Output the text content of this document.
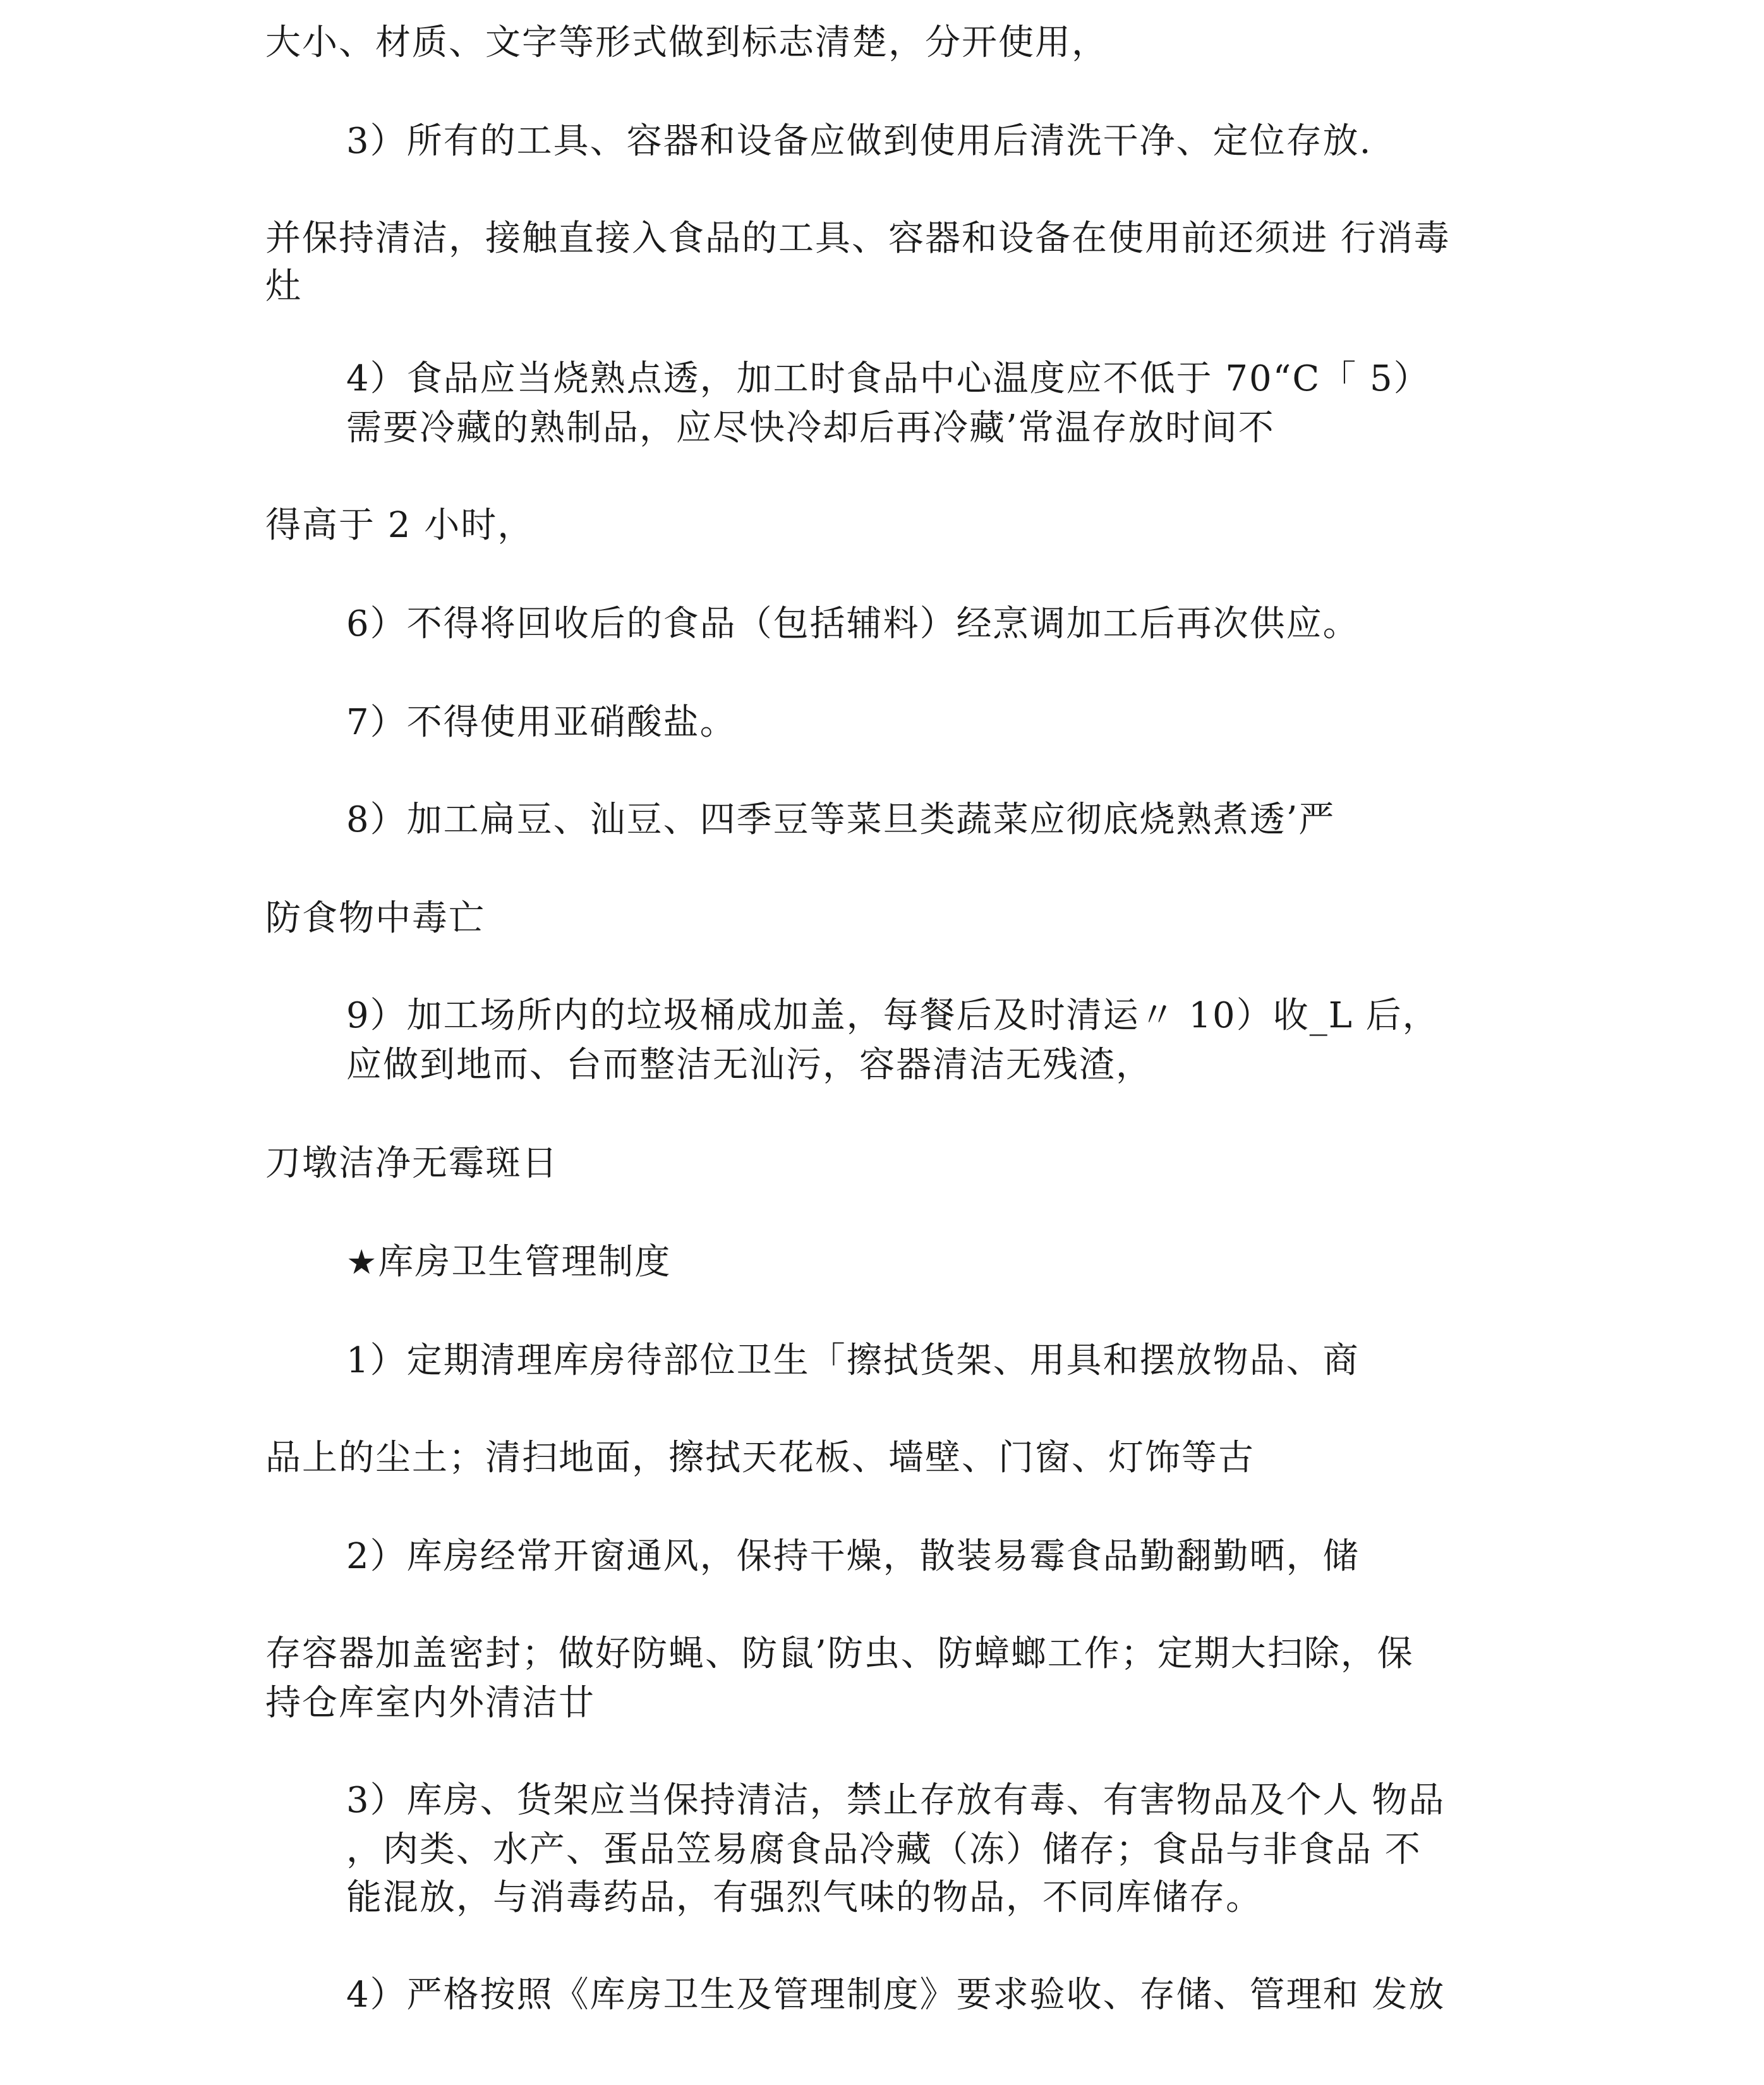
大小、材质、文字等形式做到标志清楚，分开使用，

3）所有的工具、容器和设备应做到使用后清洗干净、定位存放.

并保持清洁，接触直接入食品的工具、容器和设备在使用前还须进 行消毒

灶

4）食品应当烧熟点透，加工时食品中心温度应不低于 70“C「 5）

需要冷藏的熟制品，应尽快冷却后再冷藏’常温存放时间不

得高于 2 小时，

6）不得将回收后的食品（包括辅料）经烹调加工后再次供应。

7）不得使用亚硝酸盐。

8）加工扁豆、汕豆、四季豆等菜旦类蔬菜应彻底烧熟煮透’严

防食物中毒亡

9）加工场所内的垃圾桶成加盖，每餐后及时清运〃 10）收_L 后，

应做到地而、台而整洁无汕污，容器清洁无残渣，

刀墩洁净无霉斑日

★库房卫生管理制度

1）定期清理库房待部位卫生「擦拭货架、用具和摆放物品、商

品上的尘土；清扫地面，擦拭天花板、墙壁、门窗、灯饰等古

2）库房经常开窗通风，保持干燥，散装易霉食品勤翻勤晒，储

存容器加盖密封；做好防蝇、防鼠’防虫、防蟑螂工作；定期大扫除，保

持仓库室内外清洁廿

3）库房、货架应当保持清洁，禁止存放有毒、有害物品及个人 物品

，肉类、水产、蛋品笠易腐食品冷藏（冻）储存；食品与非食品 不

能混放，与消毒药品，有强烈气味的物品，不同库储存。

4）严格按照《库房卫生及管理制度》要求验收、存储、管理和 发放
